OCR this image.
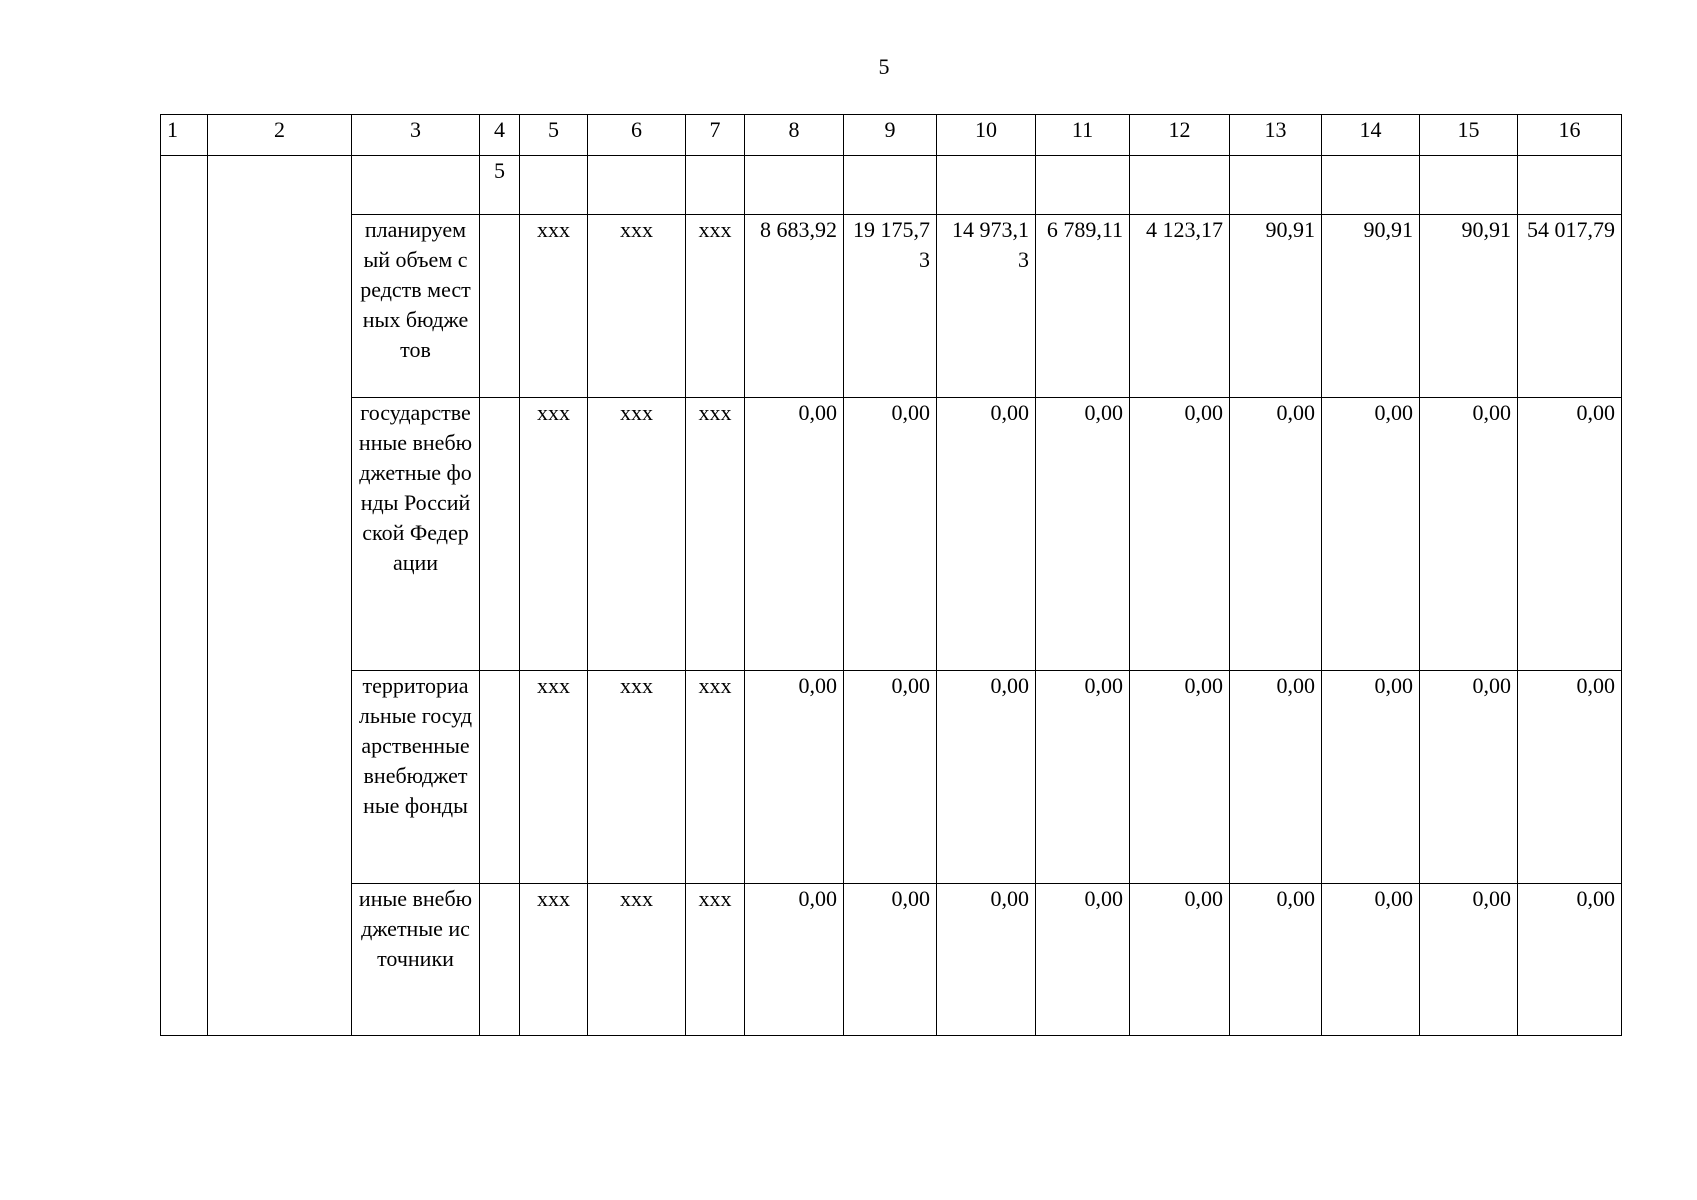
5
1	2	3	4	5	6	7	8	9	10	11	12	13	14	15	16
			5												
		планируемый объем средств местных бюджетов		xxx	xxx	xxx	8 683,92	19 175,73	14 973,13	6 789,11	4 123,17	90,91	90,91	90,91	54 017,79
		государственные внебюджетные фонды Российской Федерации		xxx	xxx	xxx	0,00	0,00	0,00	0,00	0,00	0,00	0,00	0,00	0,00
		территориальные государственные внебюджетные фонды		xxx	xxx	xxx	0,00	0,00	0,00	0,00	0,00	0,00	0,00	0,00	0,00
		иные внебюджетные источники		xxx	xxx	xxx	0,00	0,00	0,00	0,00	0,00	0,00	0,00	0,00	0,00
